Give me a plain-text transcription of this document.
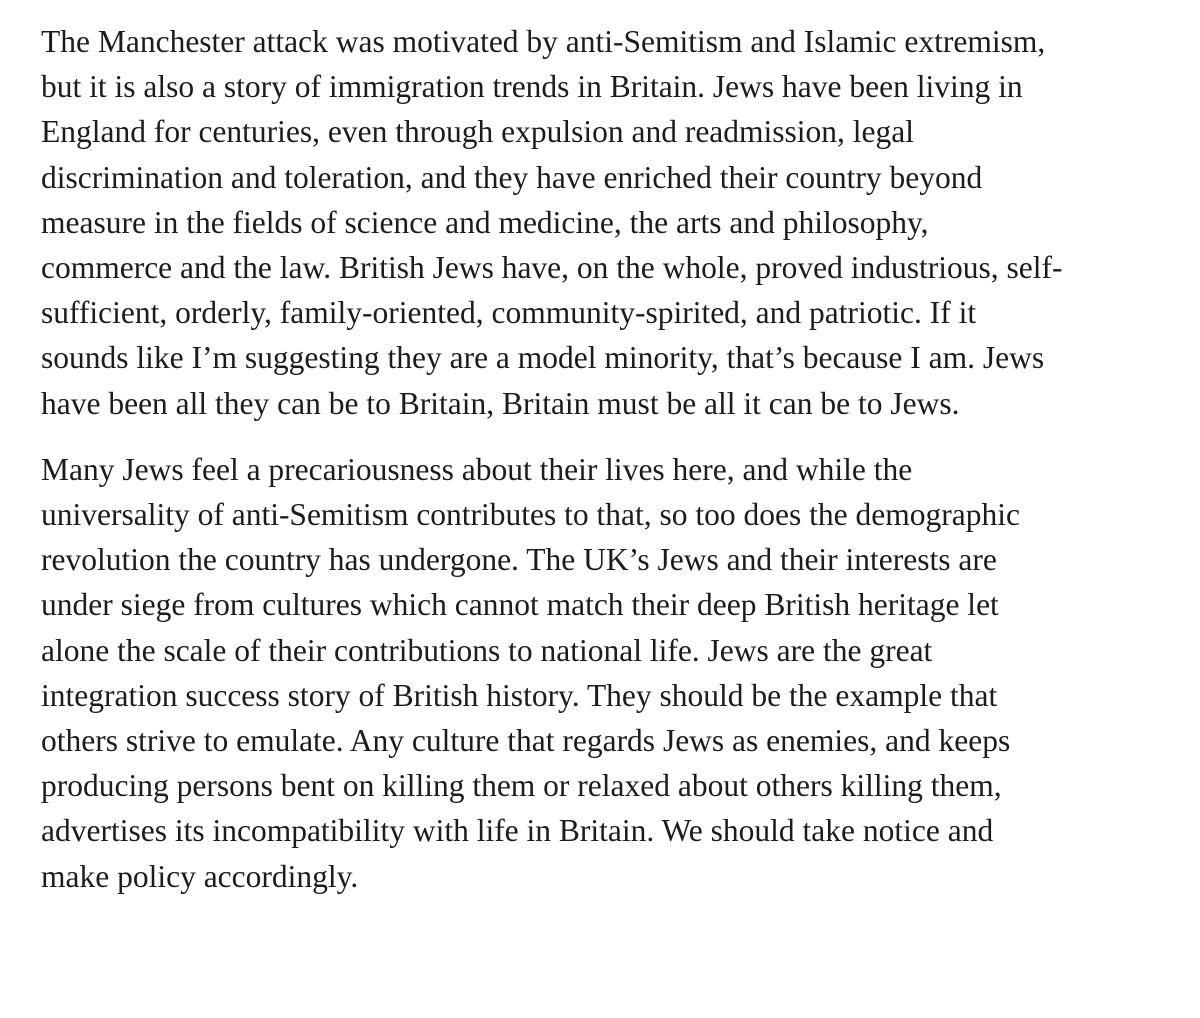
The Manchester attack was motivated by anti-Semitism and Islamic extremism,
but it is also a story of immigration trends in Britain. Jews have been living in
England for centuries, even through expulsion and readmission, legal
discrimination and toleration, and they have enriched their country beyond
measure in the fields of science and medicine, the arts and philosophy,
commerce and the law. British Jews have, on the whole, proved industrious, self-
sufficient, orderly, family-oriented, community-spirited, and patriotic. If it
sounds like I’m suggesting they are a model minority, that’s because I am. Jews
have been all they can be to Britain, Britain must be all it can be to Jews.

Many Jews feel a precariousness about their lives here, and while the
universality of anti-Semitism contributes to that, so too does the demographic
revolution the country has undergone. The UK’s Jews and their interests are
under siege from cultures which cannot match their deep British heritage let
alone the scale of their contributions to national life. Jews are the great
integration success story of British history. They should be the example that
others strive to emulate. Any culture that regards Jews as enemies, and keeps
producing persons bent on killing them or relaxed about others killing them,
advertises its incompatibility with life in Britain. We should take notice and
make policy accordingly.
